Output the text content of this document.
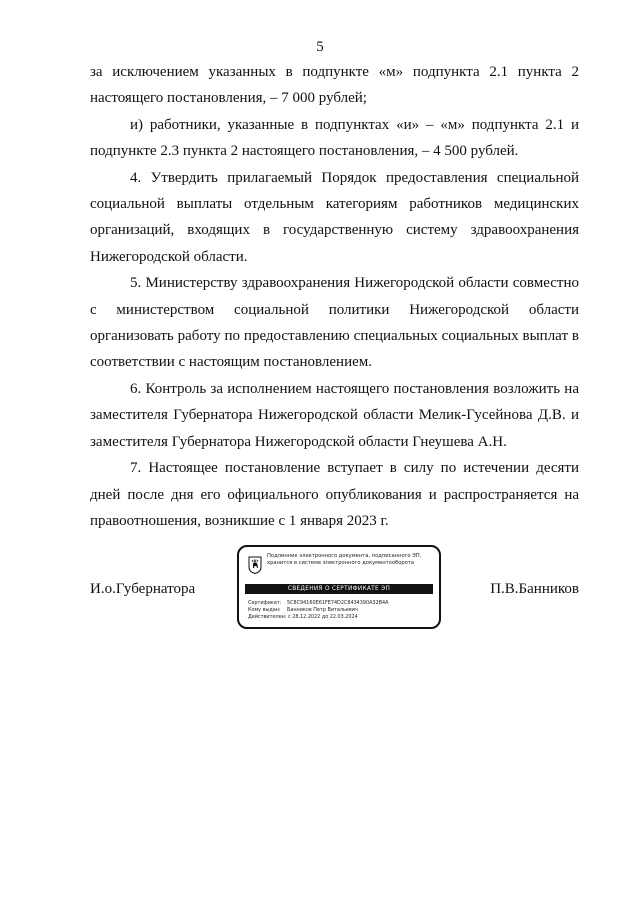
5

за исключением указанных в подпункте «м» подпункта 2.1 пункта 2 настоящего постановления, – 7 000 рублей;

и) работники, указанные в подпунктах «и» – «м» подпункта 2.1 и подпункте 2.3 пункта 2 настоящего постановления, – 4 500 рублей.

4. Утвердить прилагаемый Порядок предоставления специальной социальной выплаты отдельным категориям работников медицинских организаций, входящих в государственную систему здравоохранения Нижегородской области.

5. Министерству здравоохранения Нижегородской области совместно с министерством социальной политики Нижегородской области организовать работу по предоставлению специальных социальных выплат в соответствии с настоящим постановлением.

6. Контроль за исполнением настоящего постановления возложить на заместителя Губернатора Нижегородской области Мелик-Гусейнова Д.В. и заместителя Губернатора Нижегородской области Гнеушева А.Н.

7. Настоящее постановление вступает в силу по истечении десяти дней после дня его официального опубликования и распространяется на правоотношения, возникшие с 1 января 2023 г.

И.о.Губернатора
Подлинник электронного документа, подписанного ЭП,
хранится в системе электронного документооборота
СВЕДЕНИЯ О СЕРТИФИКАТЕ ЭП
Сертификат: 5C8C94160E61FE74D2C8434390A32B4A
Кому выдан: Банников Петр Витальевич
Действителен: с 28.12.2022 до 22.03.2024
П.В.Банников
